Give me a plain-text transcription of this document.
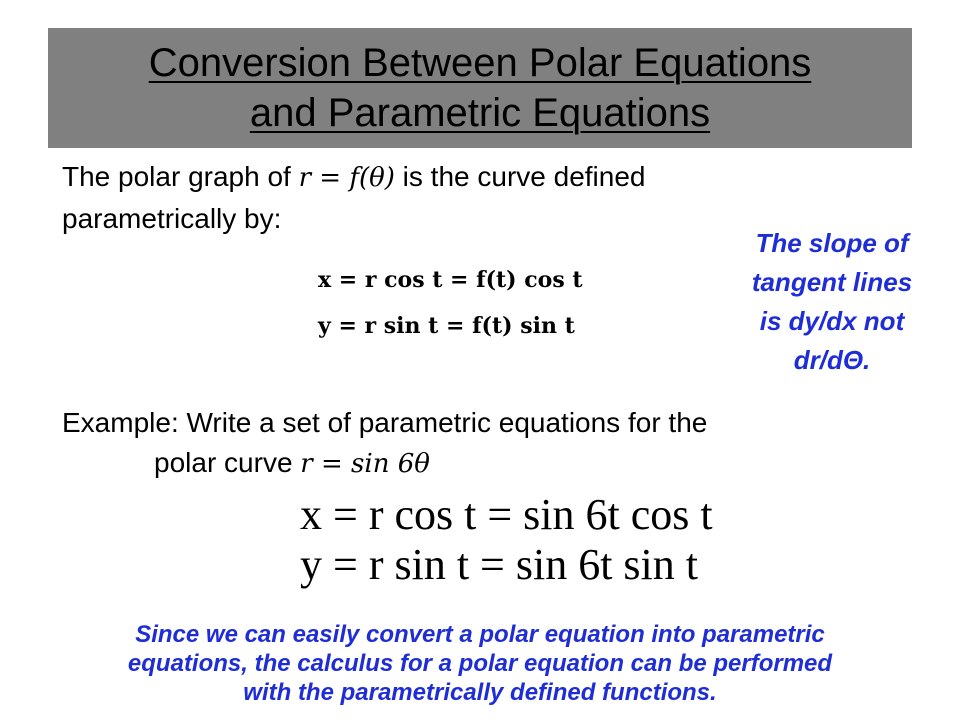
Conversion Between Polar Equations
and Parametric Equations
The polar graph of r = f(θ) is the curve defined
parametrically by:
x = r cos t = f(t) cos t
y = r sin t = f(t) sin t
The slope of
tangent lines
is dy/dx not
dr/dΘ.
Example: Write a set of parametric equations for the
polar curve r = sin 6θ
x = r cos t = sin 6t cos t
y = r sin t = sin 6t sin t
Since we can easily convert a polar equation into parametric
equations, the calculus for a polar equation can be performed
with the parametrically defined functions.
